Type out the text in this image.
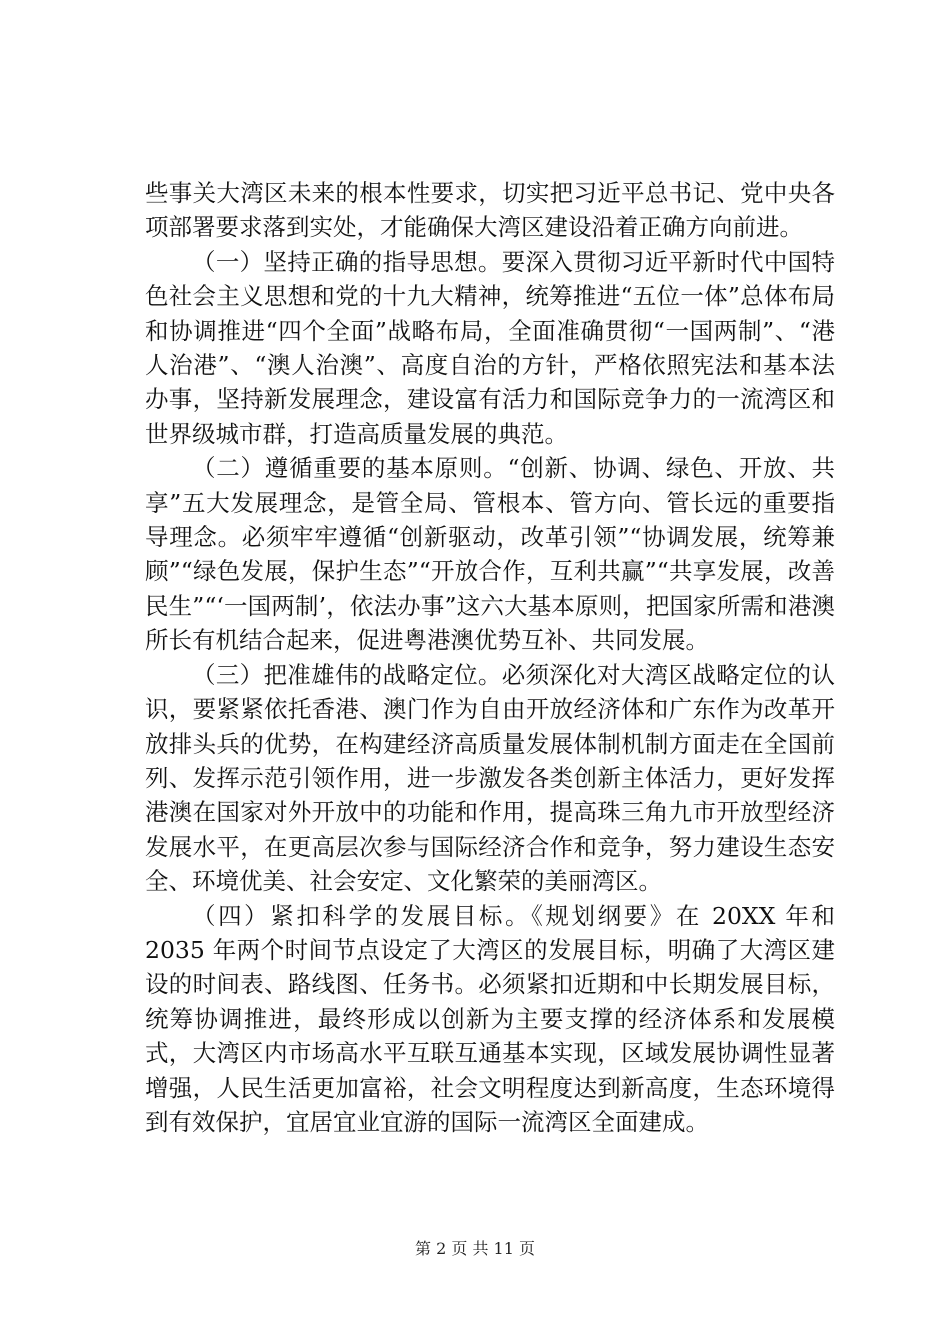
些事关大湾区未来的根本性要求，切实把习近平总书记、党中央各项部署要求落到实处，才能确保大湾区建设沿着正确方向前进。

（一）坚持正确的指导思想。要深入贯彻习近平新时代中国特色社会主义思想和党的十九大精神，统筹推进“五位一体”总体布局和协调推进“四个全面”战略布局，全面准确贯彻“一国两制”、“港人治港”、“澳人治澳”、高度自治的方针，严格依照宪法和基本法办事，坚持新发展理念，建设富有活力和国际竞争力的一流湾区和世界级城市群，打造高质量发展的典范。

（二）遵循重要的基本原则。“创新、协调、绿色、开放、共享”五大发展理念，是管全局、管根本、管方向、管长远的重要指导理念。必须牢牢遵循“创新驱动，改革引领”“协调发展，统筹兼顾”“绿色发展，保护生态”“开放合作，互利共赢”“共享发展，改善民生”“‘一国两制’，依法办事”这六大基本原则，把国家所需和港澳所长有机结合起来，促进粤港澳优势互补、共同发展。

（三）把准雄伟的战略定位。必须深化对大湾区战略定位的认识，要紧紧依托香港、澳门作为自由开放经济体和广东作为改革开放排头兵的优势，在构建经济高质量发展体制机制方面走在全国前列、发挥示范引领作用，进一步激发各类创新主体活力，更好发挥港澳在国家对外开放中的功能和作用，提高珠三角九市开放型经济发展水平，在更高层次参与国际经济合作和竞争，努力建设生态安全、环境优美、社会安定、文化繁荣的美丽湾区。

（四）紧扣科学的发展目标。《规划纲要》在 20XX 年和 2035 年两个时间节点设定了大湾区的发展目标，明确了大湾区建设的时间表、路线图、任务书。必须紧扣近期和中长期发展目标，统筹协调推进，最终形成以创新为主要支撑的经济体系和发展模式，大湾区内市场高水平互联互通基本实现，区域发展协调性显著增强，人民生活更加富裕，社会文明程度达到新高度，生态环境得到有效保护，宜居宜业宜游的国际一流湾区全面建成。

第 2 页 共 11 页
